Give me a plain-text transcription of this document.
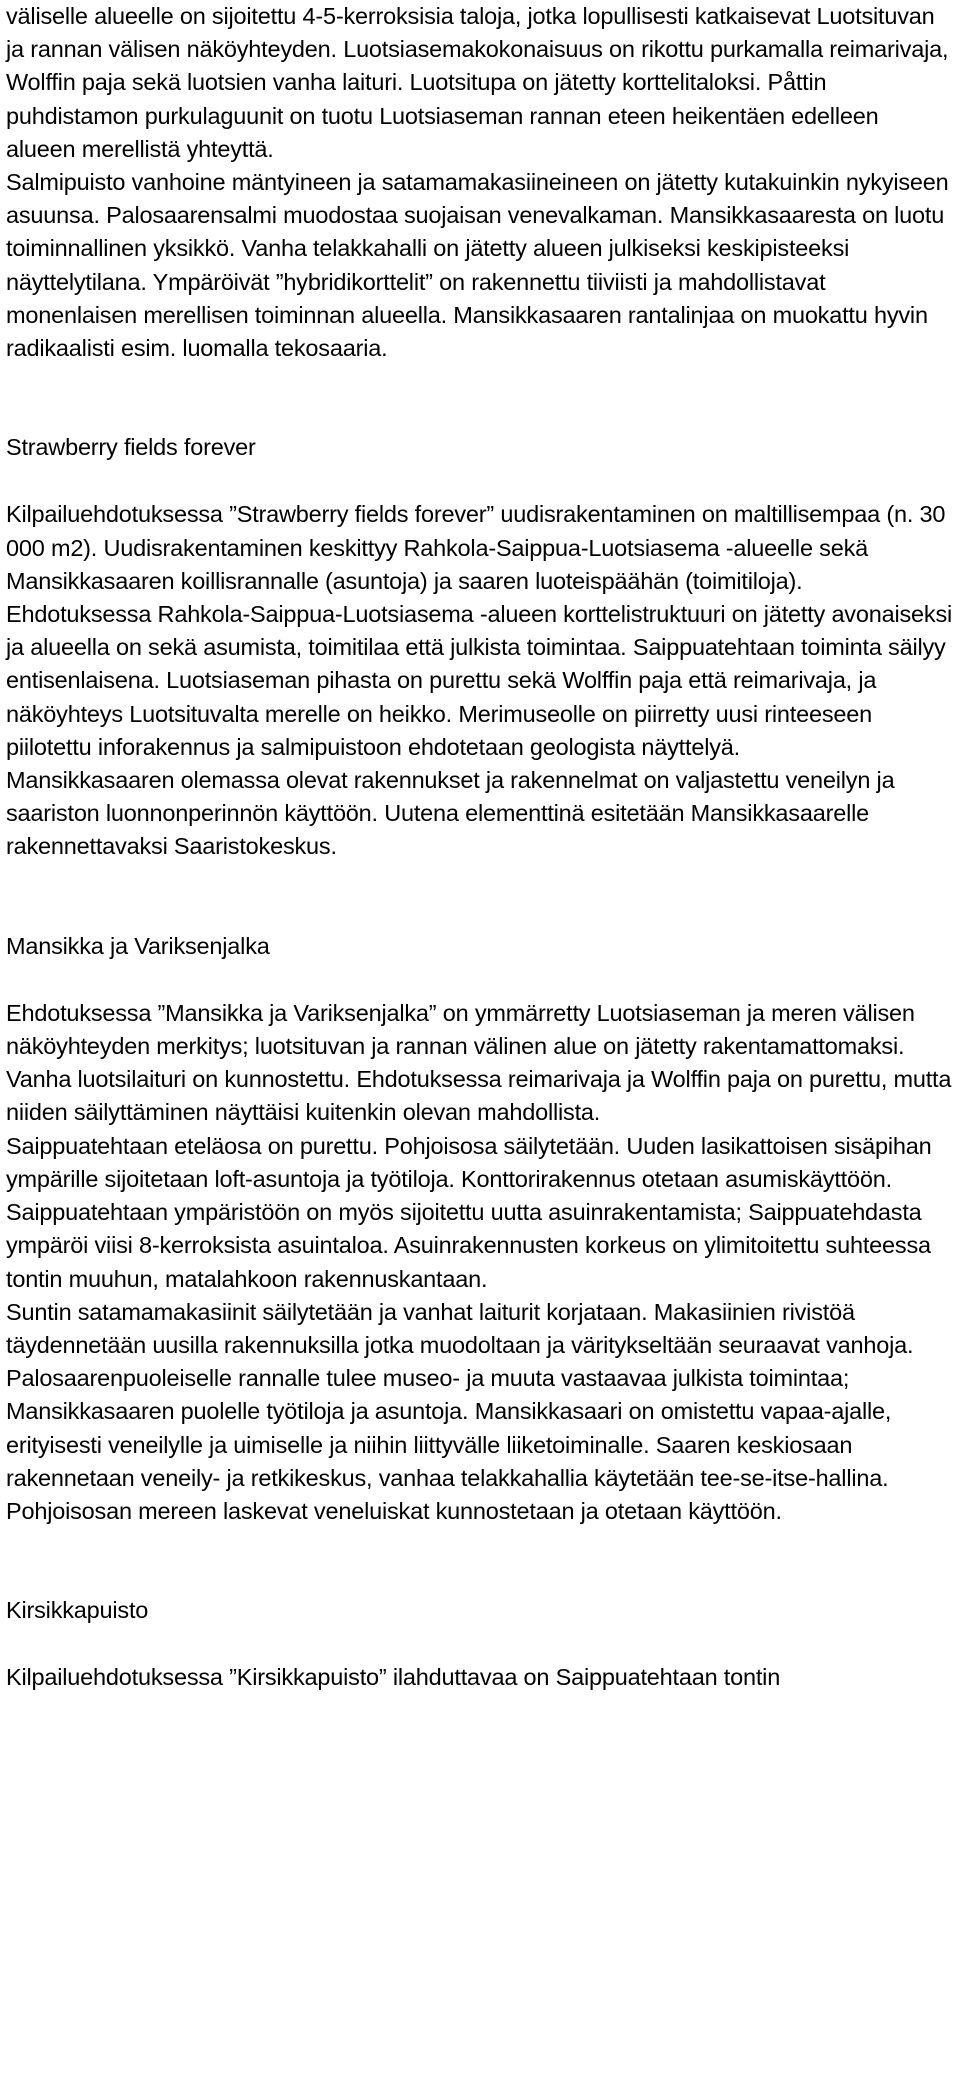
väliselle alueelle on sijoitettu 4-5-kerroksisia taloja, jotka lopullisesti katkaisevat Luotsituvan ja rannan välisen näköyhteyden. Luotsiasemakokonaisuus on rikottu purkamalla reimarivaja, Wolffin paja sekä luotsien vanha laituri. Luotsitupa on jätetty korttelitaloksi. Påttin puhdistamon purkulaguunit on tuotu Luotsiaseman rannan eteen heikentäen edelleen alueen merellistä yhteyttä.

Salmipuisto vanhoine mäntyineen ja satamamakasiineineen on jätetty kutakuinkin nykyiseen asuunsa. Palosaarensalmi muodostaa suojaisan venevalkaman. Mansikkasaaresta on luotu toiminnallinen yksikkö. Vanha telakkahalli on jätetty alueen julkiseksi keskipisteeksi näyttelytilana. Ympäröivät ”hybridikorttelit” on rakennettu tiiviisti ja mahdollistavat monenlaisen merellisen toiminnan alueella. Mansikkasaaren rantalinjaa on muokattu hyvin radikaalisti esim. luomalla tekosaaria.

Strawberry fields forever

Kilpailuehdotuksessa ”Strawberry fields forever” uudisrakentaminen on maltillisempaa (n. 30 000 m2). Uudisrakentaminen keskittyy Rahkola-Saippua-Luotsiasema -alueelle sekä Mansikkasaaren koillisrannalle (asuntoja) ja saaren luoteispäähän (toimitiloja).

Ehdotuksessa Rahkola-Saippua-Luotsiasema -alueen korttelistruktuuri on jätetty avonaiseksi ja alueella on sekä asumista, toimitilaa että julkista toimintaa. Saippuatehtaan toiminta säilyy entisenlaisena. Luotsiaseman pihasta on purettu sekä Wolffin paja että reimarivaja, ja näköyhteys Luotsituvalta merelle on heikko. Merimuseolle on piirretty uusi rinteeseen piilotettu inforakennus ja salmipuistoon ehdotetaan geologista näyttelyä.

Mansikkasaaren olemassa olevat rakennukset ja rakennelmat on valjastettu veneilyn ja saariston luonnonperinnön käyttöön. Uutena elementtinä esitetään Mansikkasaarelle rakennettavaksi Saaristokeskus.

Mansikka ja Variksenjalka

Ehdotuksessa ”Mansikka ja Variksenjalka” on ymmärretty Luotsiaseman ja meren välisen näköyhteyden merkitys; luotsituvan ja rannan välinen alue on jätetty rakentamattomaksi. Vanha luotsilaituri on kunnostettu. Ehdotuksessa reimarivaja ja Wolffin paja on purettu, mutta niiden säilyttäminen näyttäisi kuitenkin olevan mahdollista.

Saippuatehtaan eteläosa on purettu. Pohjoisosa säilytetään. Uuden lasikattoisen sisäpihan ympärille sijoitetaan loft-asuntoja ja työtiloja. Konttorirakennus otetaan asumiskäyttöön. Saippuatehtaan ympäristöön on myös sijoitettu uutta asuinrakentamista; Saippuatehdasta ympäröi viisi 8-kerroksista asuintaloa. Asuinrakennusten korkeus on ylimitoitettu suhteessa tontin muuhun, matalahkoon rakennuskantaan.

Suntin satamamakasiinit säilytetään ja vanhat laiturit korjataan. Makasiinien rivistöä täydennetään uusilla rakennuksilla jotka muodoltaan ja väritykseltään seuraavat vanhoja. Palosaarenpuoleiselle rannalle tulee museo- ja muuta vastaavaa julkista toimintaa; Mansikkasaaren puolelle työtiloja ja asuntoja. Mansikkasaari on omistettu vapaa-ajalle, erityisesti veneilylle ja uimiselle ja niihin liittyvälle liiketoiminalle. Saaren keskiosaan rakennetaan veneily- ja retkikeskus, vanhaa telakkahallia käytetään tee-se-itse-hallina. Pohjoisosan mereen laskevat veneluiskat kunnostetaan ja otetaan käyttöön.

Kirsikkapuisto

Kilpailuehdotuksessa ”Kirsikkapuisto” ilahduttavaa on Saippuatehtaan tontin
